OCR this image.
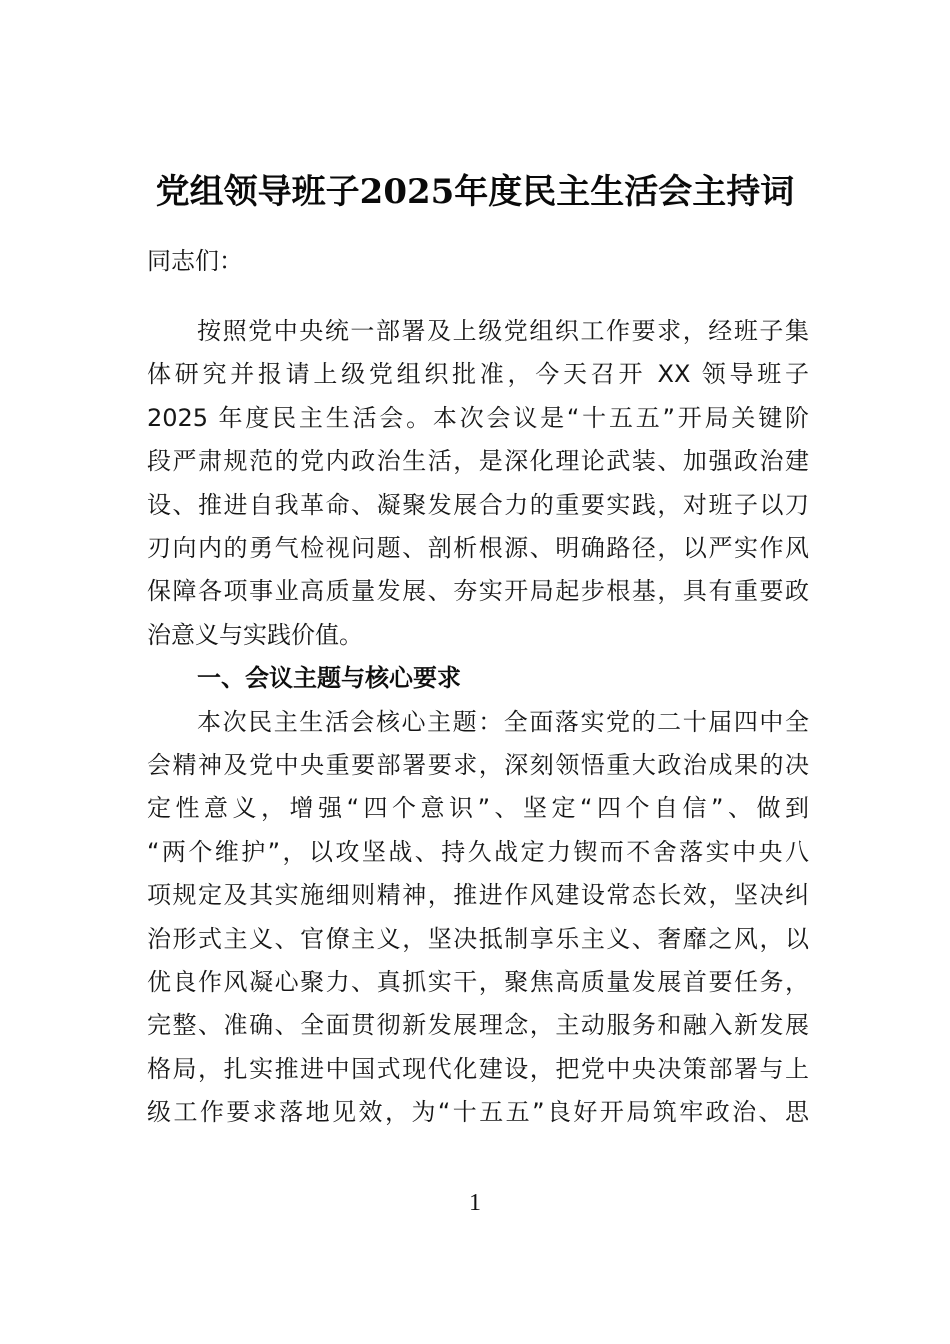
党组领导班子2025年度民主生活会主持词
同志们：
按照党中央统一部署及上级党组织工作要求，经班子集
体研究并报请上级党组织批准，今天召开 XX 领导班子
2025 年度民主生活会。本次会议是“十五五”开局关键阶
段严肃规范的党内政治生活，是深化理论武装、加强政治建
设、推进自我革命、凝聚发展合力的重要实践，对班子以刀
刃向内的勇气检视问题、剖析根源、明确路径，以严实作风
保障各项事业高质量发展、夯实开局起步根基，具有重要政
治意义与实践价值。
一、会议主题与核心要求
本次民主生活会核心主题：全面落实党的二十届四中全
会精神及党中央重要部署要求，深刻领悟重大政治成果的决
定性意义，增强“四个意识”、坚定“四个自信”、做到
“两个维护”，以攻坚战、持久战定力锲而不舍落实中央八
项规定及其实施细则精神，推进作风建设常态长效，坚决纠
治形式主义、官僚主义，坚决抵制享乐主义、奢靡之风，以
优良作风凝心聚力、真抓实干，聚焦高质量发展首要任务，
完整、准确、全面贯彻新发展理念，主动服务和融入新发展
格局，扎实推进中国式现代化建设，把党中央决策部署与上
级工作要求落地见效，为“十五五”良好开局筑牢政治、思
1
